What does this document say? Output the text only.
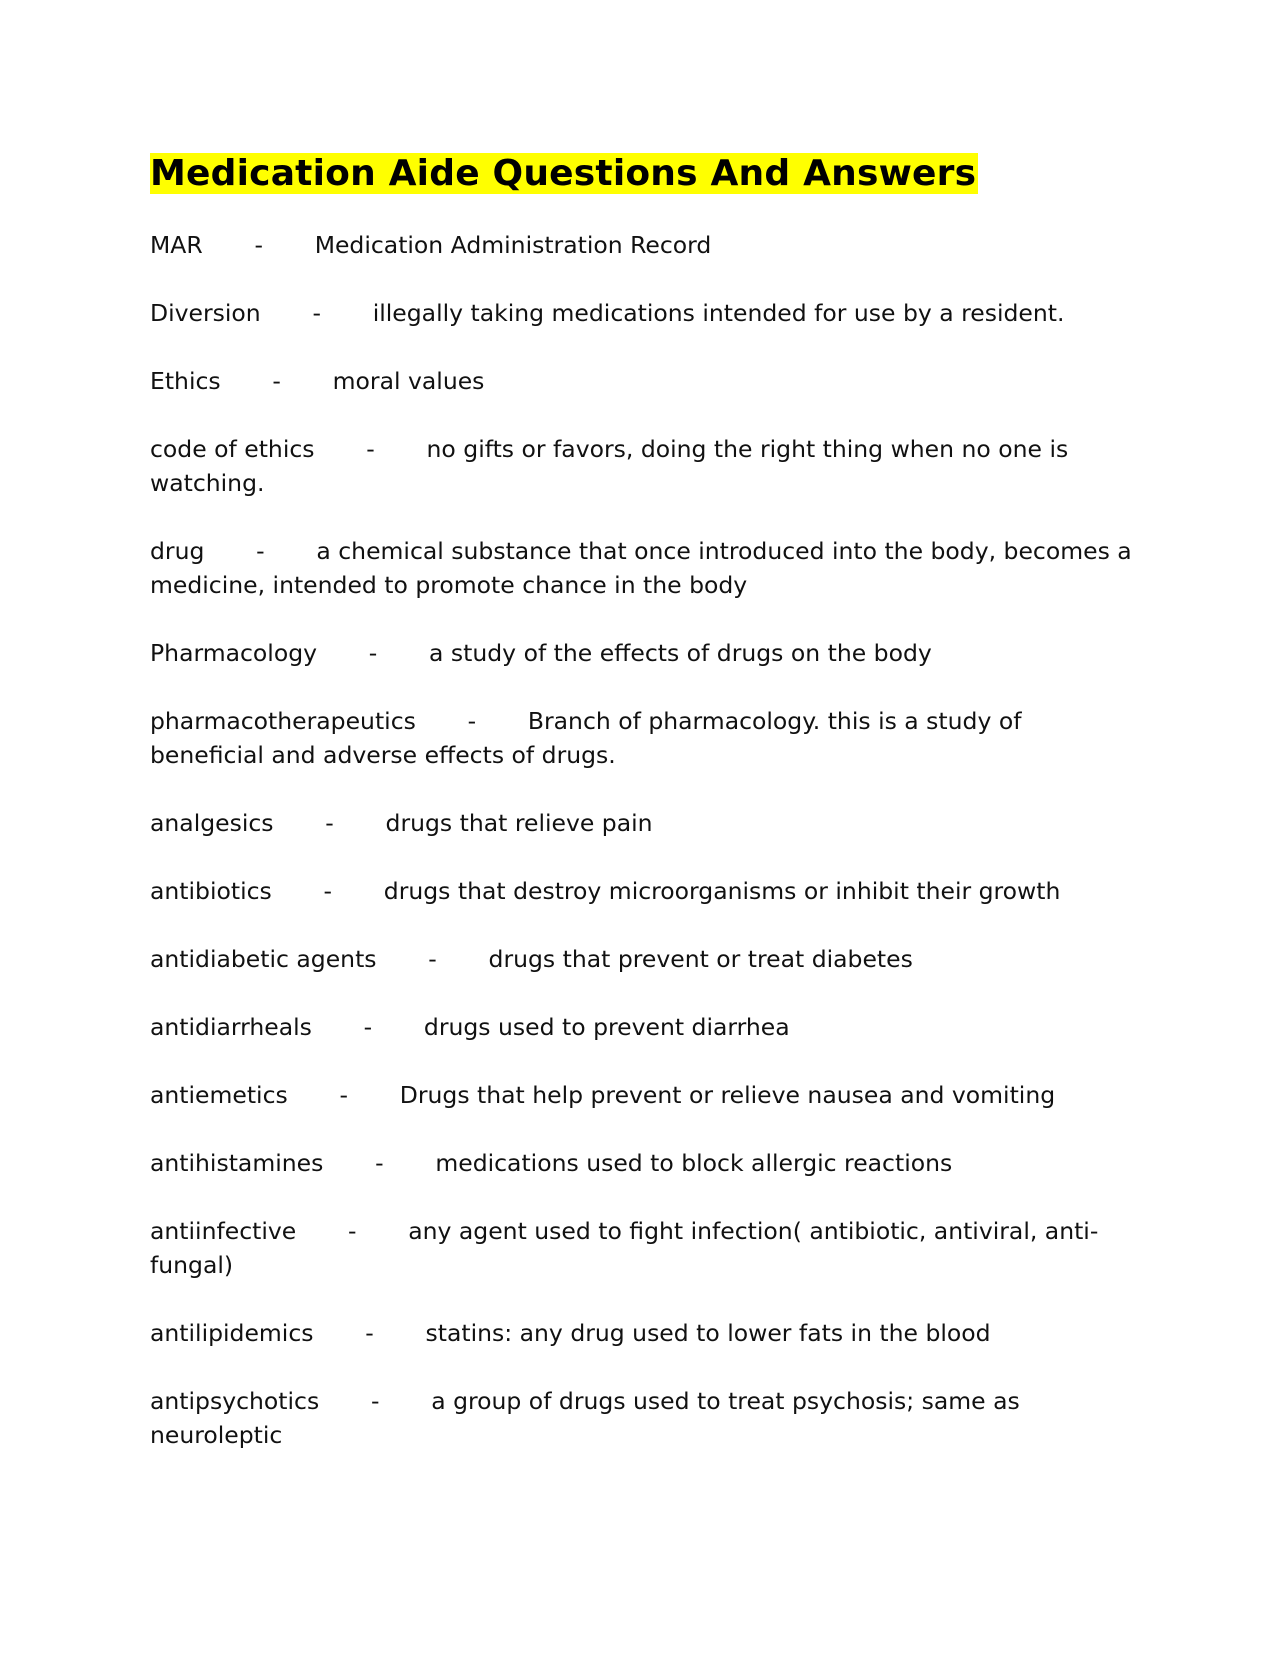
Medication Aide Questions And Answers

MAR - Medication Administration Record

Diversion - illegally taking medications intended for use by a resident.

Ethics - moral values

code of ethics - no gifts or favors, doing the right thing when no one is watching.

drug - a chemical substance that once introduced into the body, becomes a medicine, intended to promote chance in the body

Pharmacology - a study of the effects of drugs on the body

pharmacotherapeutics - Branch of pharmacology. this is a study of beneficial and adverse effects of drugs.

analgesics - drugs that relieve pain

antibiotics - drugs that destroy microorganisms or inhibit their growth

antidiabetic agents - drugs that prevent or treat diabetes

antidiarrheals - drugs used to prevent diarrhea

antiemetics - Drugs that help prevent or relieve nausea and vomiting

antihistamines - medications used to block allergic reactions

antiinfective - any agent used to fight infection( antibiotic, antiviral, anti-fungal)

antilipidemics - statins: any drug used to lower fats in the blood

antipsychotics - a group of drugs used to treat psychosis; same as neuroleptic
